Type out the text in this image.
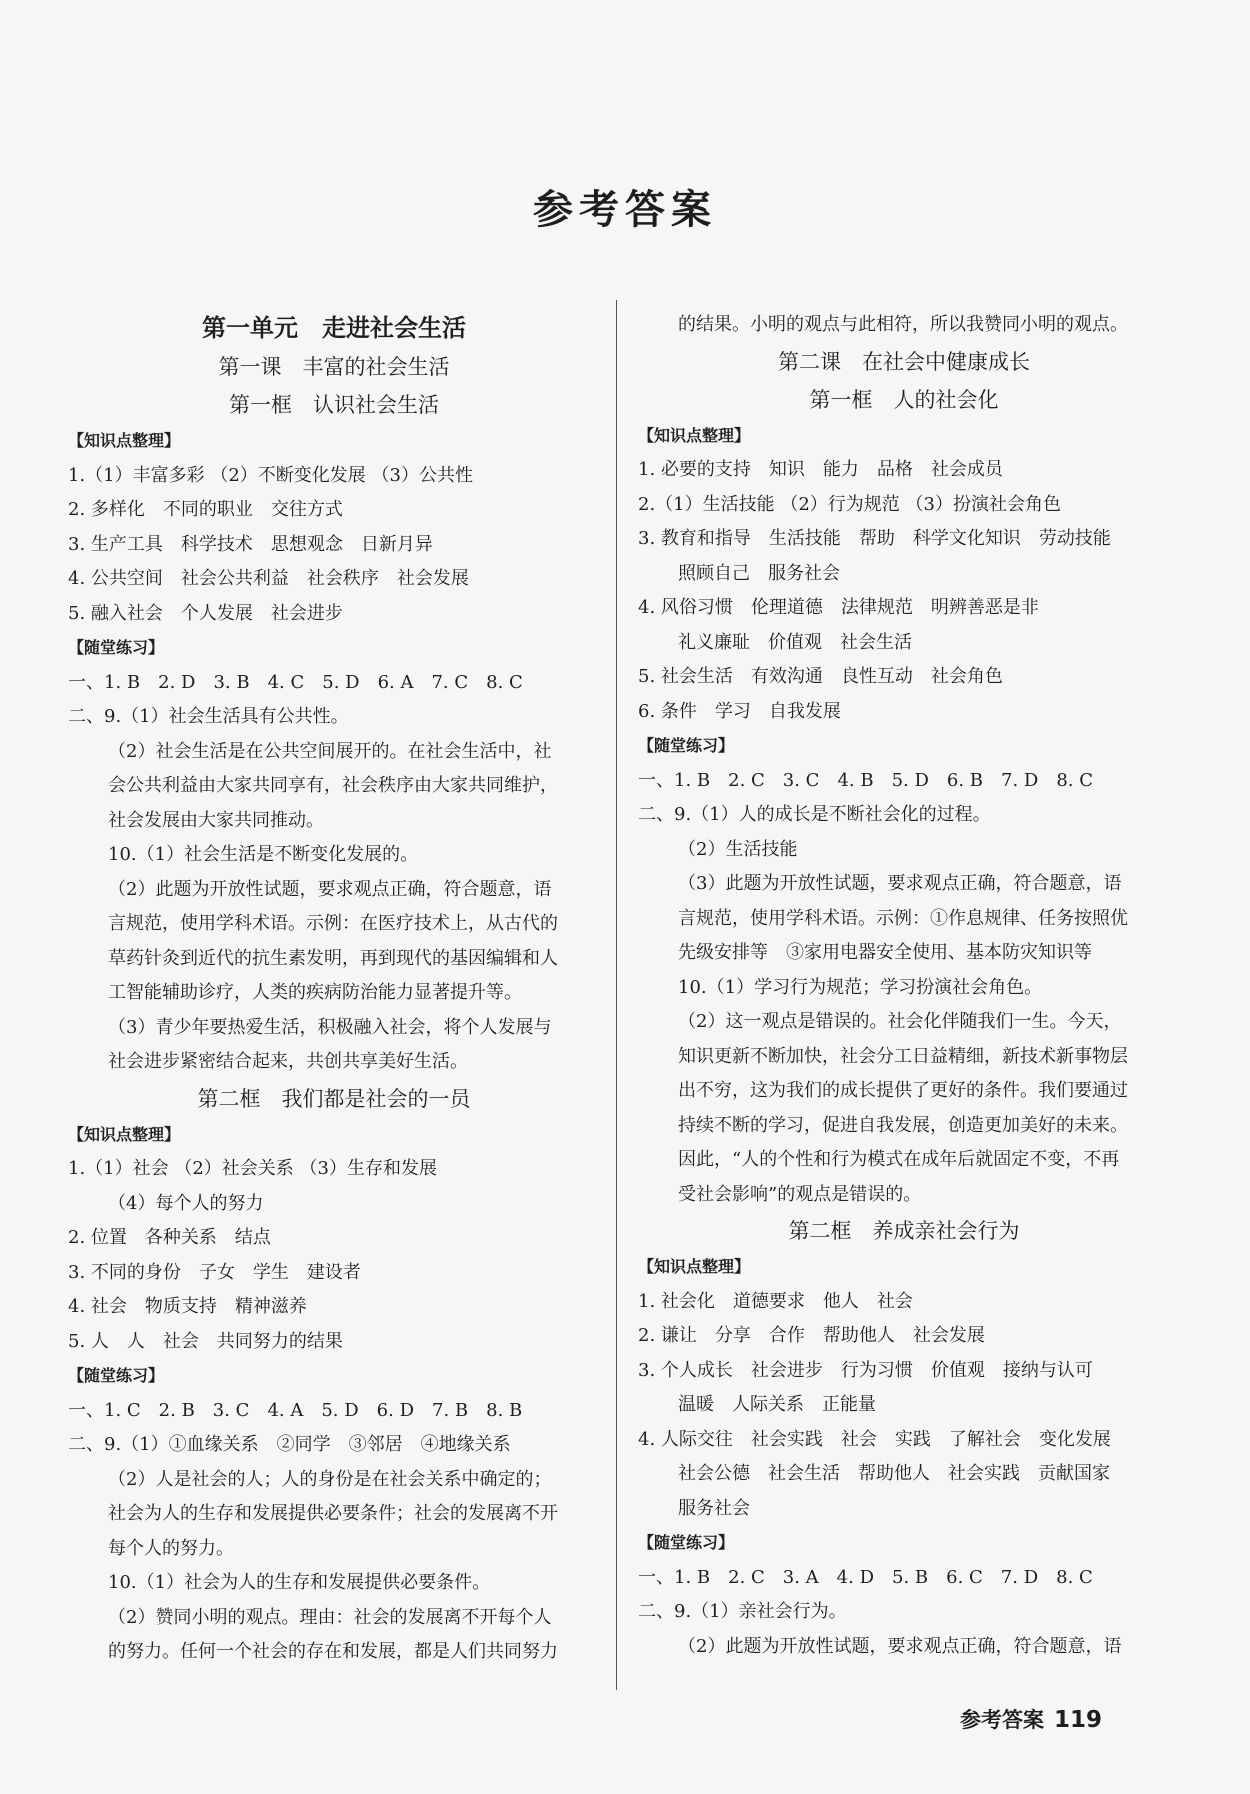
参考答案
第一单元　走进社会生活
第一课　丰富的社会生活
第一框　认识社会生活
【知识点整理】
1.（1）丰富多彩 （2）不断变化发展 （3）公共性
2. 多样化　不同的职业　交往方式
3. 生产工具　科学技术　思想观念　日新月异
4. 公共空间　社会公共利益　社会秩序　社会发展
5. 融入社会　个人发展　社会进步
【随堂练习】
一、1. B　2. D　3. B　4. C　5. D　6. A　7. C　8. C
二、9.（1）社会生活具有公共性。
（2）社会生活是在公共空间展开的。在社会生活中，社
会公共利益由大家共同享有，社会秩序由大家共同维护，
社会发展由大家共同推动。
10.（1）社会生活是不断变化发展的。
（2）此题为开放性试题，要求观点正确，符合题意，语
言规范，使用学科术语。示例：在医疗技术上，从古代的
草药针灸到近代的抗生素发明，再到现代的基因编辑和人
工智能辅助诊疗，人类的疾病防治能力显著提升等。
（3）青少年要热爱生活，积极融入社会，将个人发展与
社会进步紧密结合起来，共创共享美好生活。
第二框　我们都是社会的一员
【知识点整理】
1.（1）社会 （2）社会关系 （3）生存和发展
（4）每个人的努力
2. 位置　各种关系　结点
3. 不同的身份　子女　学生　建设者
4. 社会　物质支持　精神滋养
5. 人　人　社会　共同努力的结果
【随堂练习】
一、1. C　2. B　3. C　4. A　5. D　6. D　7. B　8. B
二、9.（1）①血缘关系　②同学　③邻居　④地缘关系
（2）人是社会的人；人的身份是在社会关系中确定的；
社会为人的生存和发展提供必要条件；社会的发展离不开
每个人的努力。
10.（1）社会为人的生存和发展提供必要条件。
（2）赞同小明的观点。理由：社会的发展离不开每个人
的努力。任何一个社会的存在和发展，都是人们共同努力
的结果。小明的观点与此相符，所以我赞同小明的观点。
第二课　在社会中健康成长
第一框　人的社会化
【知识点整理】
1. 必要的支持　知识　能力　品格　社会成员
2.（1）生活技能 （2）行为规范 （3）扮演社会角色
3. 教育和指导　生活技能　帮助　科学文化知识　劳动技能
照顾自己　服务社会
4. 风俗习惯　伦理道德　法律规范　明辨善恶是非
礼义廉耻　价值观　社会生活
5. 社会生活　有效沟通　良性互动　社会角色
6. 条件　学习　自我发展
【随堂练习】
一、1. B　2. C　3. C　4. B　5. D　6. B　7. D　8. C
二、9.（1）人的成长是不断社会化的过程。
（2）生活技能
（3）此题为开放性试题，要求观点正确，符合题意，语
言规范，使用学科术语。示例：①作息规律、任务按照优
先级安排等　③家用电器安全使用、基本防灾知识等
10.（1）学习行为规范；学习扮演社会角色。
（2）这一观点是错误的。社会化伴随我们一生。今天，
知识更新不断加快，社会分工日益精细，新技术新事物层
出不穷，这为我们的成长提供了更好的条件。我们要通过
持续不断的学习，促进自我发展，创造更加美好的未来。
因此，“人的个性和行为模式在成年后就固定不变，不再
受社会影响”的观点是错误的。
第二框　养成亲社会行为
【知识点整理】
1. 社会化　道德要求　他人　社会
2. 谦让　分享　合作　帮助他人　社会发展
3. 个人成长　社会进步　行为习惯　价值观　接纳与认可
温暖　人际关系　正能量
4. 人际交往　社会实践　社会　实践　了解社会　变化发展
社会公德　社会生活　帮助他人　社会实践　贡献国家
服务社会
【随堂练习】
一、1. B　2. C　3. A　4. D　5. B　6. C　7. D　8. C
二、9.（1）亲社会行为。
（2）此题为开放性试题，要求观点正确，符合题意，语
参考答案 119
